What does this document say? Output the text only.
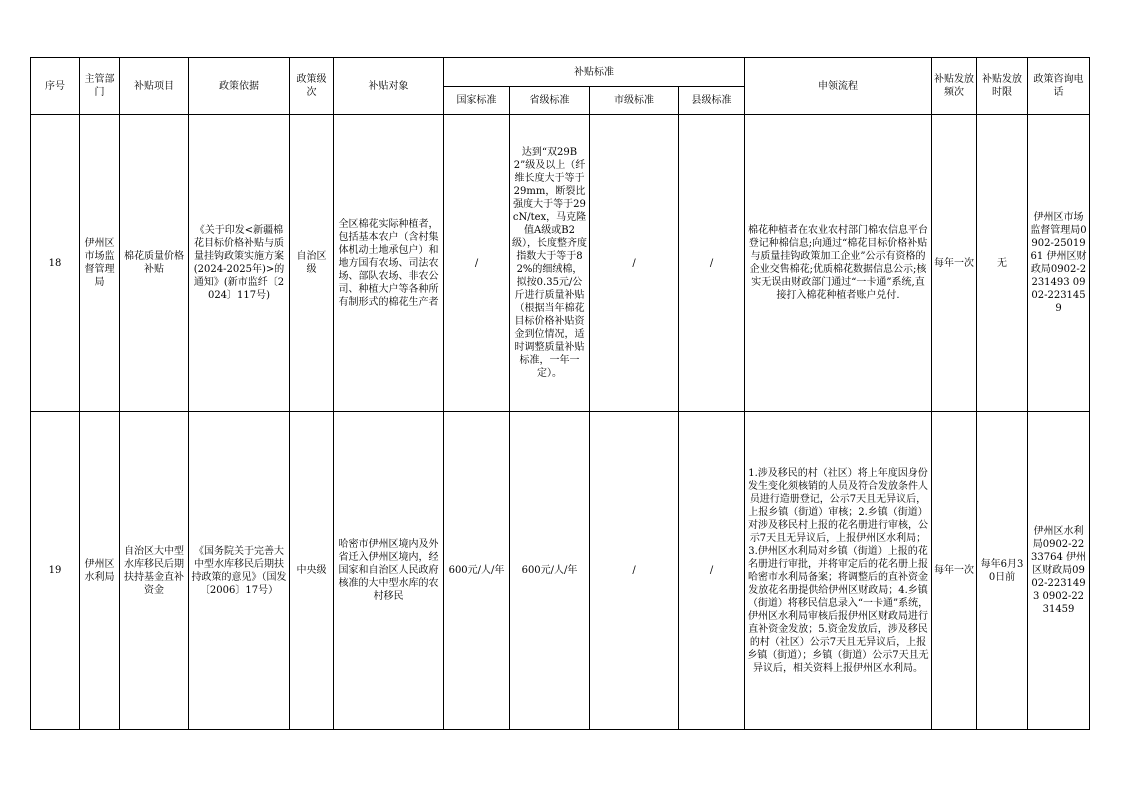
序号	主管部门	补贴项目	政策依据	政策级次	补贴对象	补贴标准				申领流程	补贴发放频次	补贴发放时限	政策咨询电话
						国家标准	省级标准	市级标准	县级标准				
18	伊州区市场监督管理局	棉花质量价格补贴	《关于印发<新疆棉花目标价格补贴与质量挂钩政策实施方案(2024-2025年)>的通知》(新市监纤〔2024〕117号)	自治区级	全区棉花实际种植者，包括基本农户（含村集体机动土地承包户）和地方国有农场、司法农场、部队农场、非农公司、种植大户等各种所有制形式的棉花生产者	/	达到“双29B2”级及以上（纤维长度大于等于29mm，断裂比强度大于等于29cN/tex，马克隆值A级或B2级），长度整齐度指数大于等于82%的细绒棉，拟按0.35元/公斤进行质量补贴（根据当年棉花目标价格补贴资金到位情况，适时调整质量补贴标准，一年一定）。	/	/	棉花种植者在农业农村部门棉农信息平台登记种棉信息;向通过“棉花目标价格补贴与质量挂钩政策加工企业”公示有资格的企业交售棉花;优质棉花数据信息公示;核实无误由财政部门通过“一卡通”系统,直接打入棉花种植者账户兑付.	每年一次	无	伊州区市场监督管理局0902-2501961 伊州区财政局0902-2231493 0902-2231459
19	伊州区水利局	自治区大中型水库移民后期扶持基金直补资金	《国务院关于完善大中型水库移民后期扶持政策的意见》（国发〔2006〕17号）	中央级	哈密市伊州区境内及外省迁入伊州区境内，经国家和自治区人民政府核准的大中型水库的农村移民	600元/人/年	600元/人/年	/	/	1.涉及移民的村（社区）将上年度因身份发生变化须核销的人员及符合发放条件人员进行造册登记，公示7天且无异议后，上报乡镇（街道）审核；2.乡镇（街道）对涉及移民村上报的花名册进行审核，公示7天且无异议后，上报伊州区水利局；3.伊州区水利局对乡镇（街道）上报的花名册进行审批，并将审定后的花名册上报哈密市水利局备案；将调整后的直补资金发放花名册提供给伊州区财政局；4.乡镇（街道）将移民信息录入“一卡通”系统，伊州区水利局审核后报伊州区财政局进行直补资金发放；5.资金发放后，涉及移民的村（社区）公示7天且无异议后，上报乡镇（街道）；乡镇（街道）公示7天且无异议后，相关资料上报伊州区水利局。	每年一次	每年6月30日前	伊州区水利局0902-2233764 伊州区财政局0902-2231493 0902-2231459
